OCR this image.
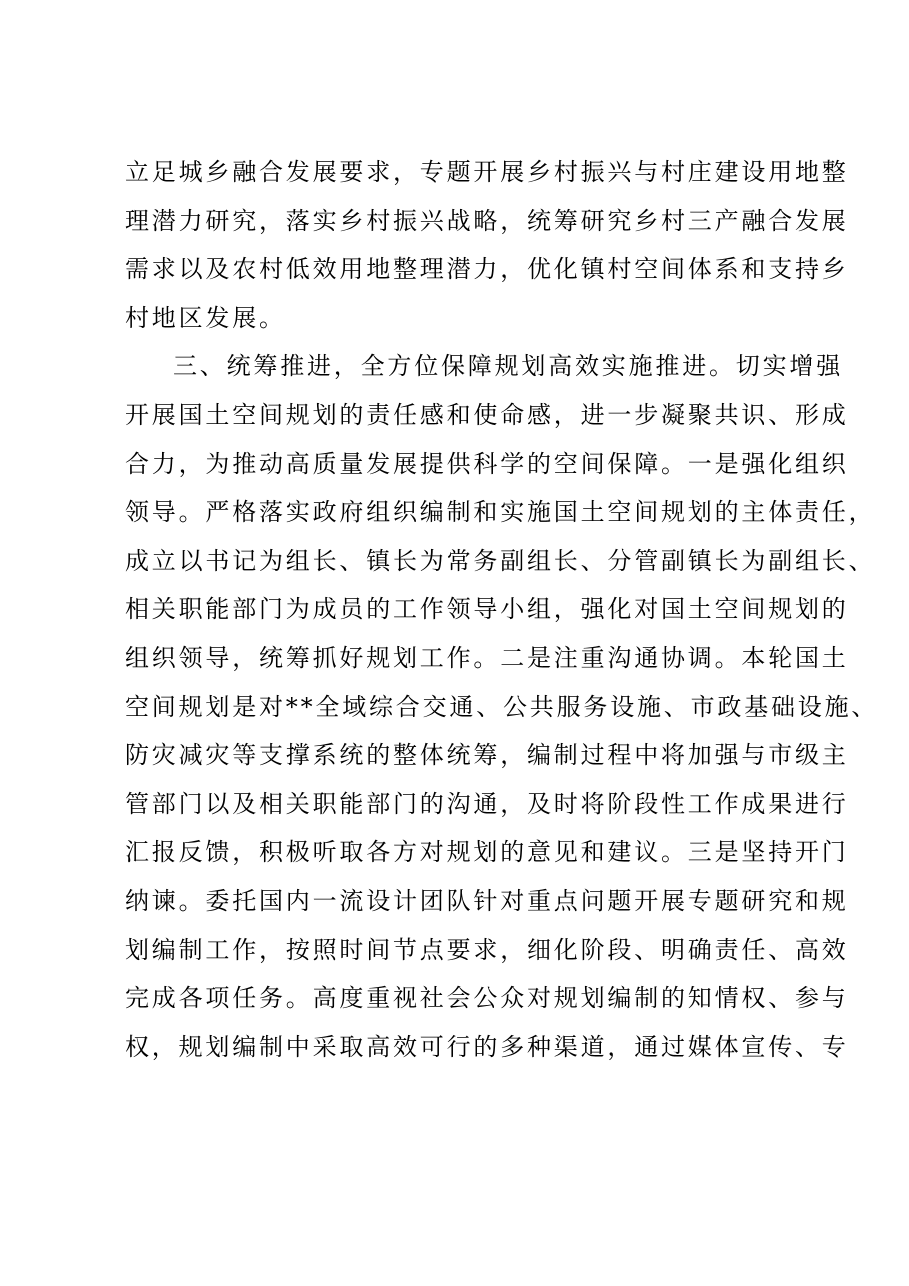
立足城乡融合发展要求，专题开展乡村振兴与村庄建设用地整
理潜力研究，落实乡村振兴战略，统筹研究乡村三产融合发展
需求以及农村低效用地整理潜力，优化镇村空间体系和支持乡
村地区发展。

三、统筹推进，全方位保障规划高效实施推进。切实增强
开展国土空间规划的责任感和使命感，进一步凝聚共识、形成
合力，为推动高质量发展提供科学的空间保障。一是强化组织
领导。严格落实政府组织编制和实施国土空间规划的主体责任，
成立以书记为组长、镇长为常务副组长、分管副镇长为副组长、
相关职能部门为成员的工作领导小组，强化对国土空间规划的
组织领导，统筹抓好规划工作。二是注重沟通协调。本轮国土
空间规划是对**全域综合交通、公共服务设施、市政基础设施、
防灾减灾等支撑系统的整体统筹，编制过程中将加强与市级主
管部门以及相关职能部门的沟通，及时将阶段性工作成果进行
汇报反馈，积极听取各方对规划的意见和建议。三是坚持开门
纳谏。委托国内一流设计团队针对重点问题开展专题研究和规
划编制工作，按照时间节点要求，细化阶段、明确责任、高效
完成各项任务。高度重视社会公众对规划编制的知情权、参与
权，规划编制中采取高效可行的多种渠道，通过媒体宣传、专
